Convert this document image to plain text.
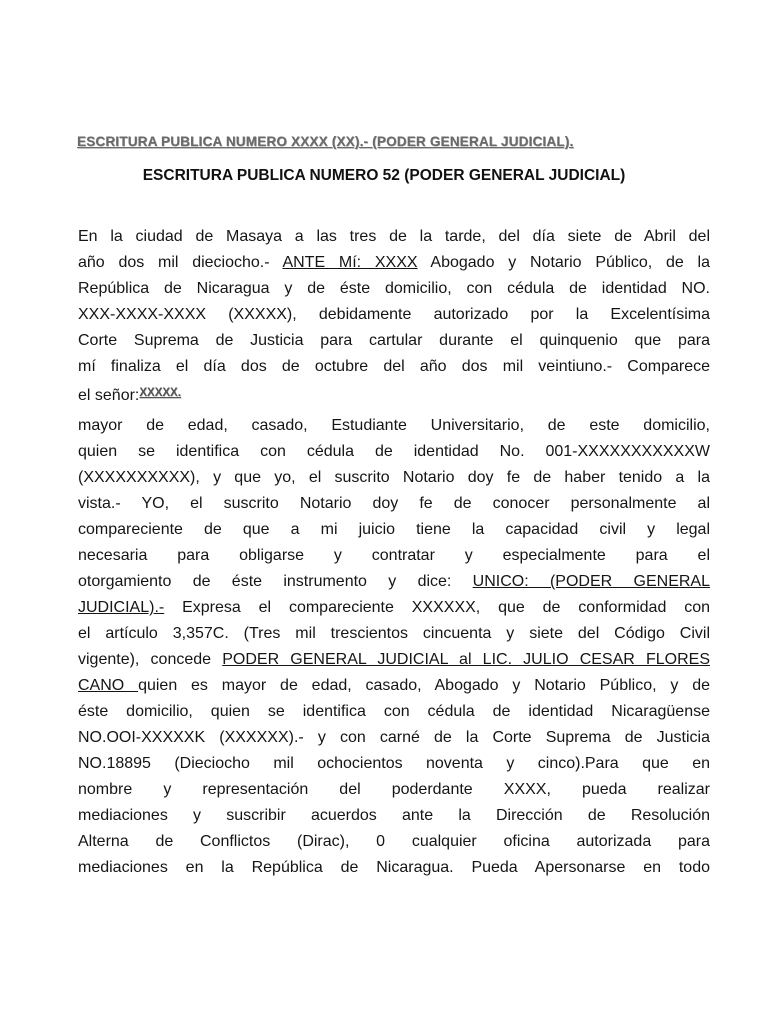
ESCRITURA PUBLICA NUMERO XXXX (XX).- (PODER GENERAL JUDICIAL).
ESCRITURA PUBLICA NUMERO 52 (PODER GENERAL JUDICIAL)
En la ciudad de Masaya a las tres de la tarde, del día siete de Abril del
año dos mil dieciocho.- ANTE Mí: XXXX Abogado y Notario Público, de la
República de Nicaragua y de éste domicilio, con cédula de identidad NO.
XXX-XXXX-XXXX (XXXXX), debidamente autorizado por la Excelentísima
Corte Suprema de Justicia para cartular durante el quinquenio que para
mí finaliza el día dos de octubre del año dos mil veintiuno.- Comparece
el señor:XXXXX.
mayor de edad, casado, Estudiante Universitario, de este domicilio,
quien se identifica con cédula de identidad No. 001-XXXXXXXXXXXW
(XXXXXXXXXX), y que yo, el suscrito Notario doy fe de haber tenido a la
vista.- YO, el suscrito Notario doy fe de conocer personalmente al
compareciente de que a mi juicio tiene la capacidad civil y legal
necesaria para obligarse y contratar y especialmente para el
otorgamiento de éste instrumento y dice: UNICO: (PODER GENERAL
JUDICIAL).- Expresa el compareciente XXXXXX, que de conformidad con
el artículo 3,357C. (Tres mil trescientos cincuenta y siete del Código Civil
vigente), concede PODER GENERAL JUDICIAL al LIC. JULIO CESAR FLORES
CANO quien es mayor de edad, casado, Abogado y Notario Público, y de
éste domicilio, quien se identifica con cédula de identidad Nicaragüense
NO.OOI-XXXXXK (XXXXXX).- y con carné de la Corte Suprema de Justicia
NO.18895 (Dieciocho mil ochocientos noventa y cinco).Para que en
nombre y representación del poderdante XXXX, pueda realizar
mediaciones y suscribir acuerdos ante la Dirección de Resolución
Alterna de Conflictos (Dirac), 0 cualquier oficina autorizada para
mediaciones en la República de Nicaragua. Pueda Apersonarse en todo
